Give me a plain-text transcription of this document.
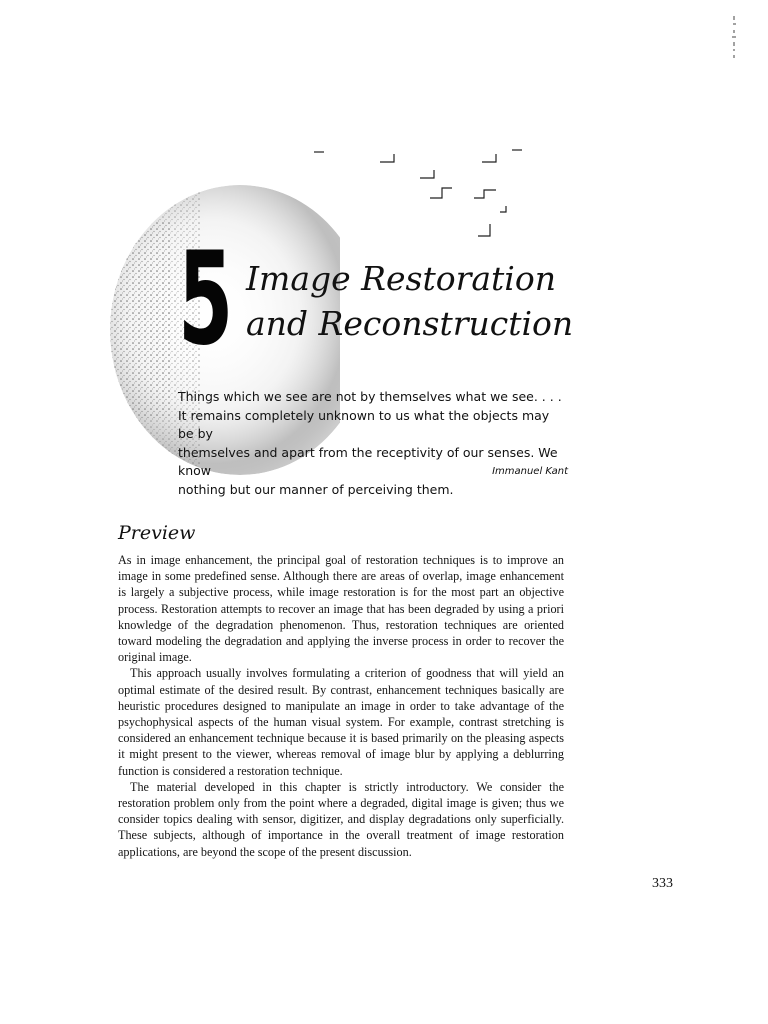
5 Image Restoration
and Reconstruction

Things which we see are not by themselves what we see. . . .

It remains completely unknown to us what the objects may be by

themselves and apart from the receptivity of our senses. We know

nothing but our manner of perceiving them.

Immanuel Kant
Preview

As in image enhancement, the principal goal of restoration techniques is to improve an image in some predefined sense. Although there are areas of overlap, image enhancement is largely a subjective process, while image restoration is for the most part an objective process. Restoration attempts to recover an image that has been degraded by using a priori knowledge of the degradation phenomenon. Thus, restoration techniques are oriented toward modeling the degradation and applying the inverse process in order to recover the original image.

This approach usually involves formulating a criterion of goodness that will yield an optimal estimate of the desired result. By contrast, enhancement techniques basically are heuristic procedures designed to manipulate an image in order to take advantage of the psychophysical aspects of the human visual system. For example, contrast stretching is considered an enhancement technique because it is based primarily on the pleasing aspects it might present to the viewer, whereas removal of image blur by applying a deblurring function is considered a restoration technique.

The material developed in this chapter is strictly introductory. We consider the restoration problem only from the point where a degraded, digital image is given; thus we consider topics dealing with sensor, digitizer, and display degradations only superficially. These subjects, although of importance in the overall treatment of image restoration applications, are beyond the scope of the present discussion.

333
